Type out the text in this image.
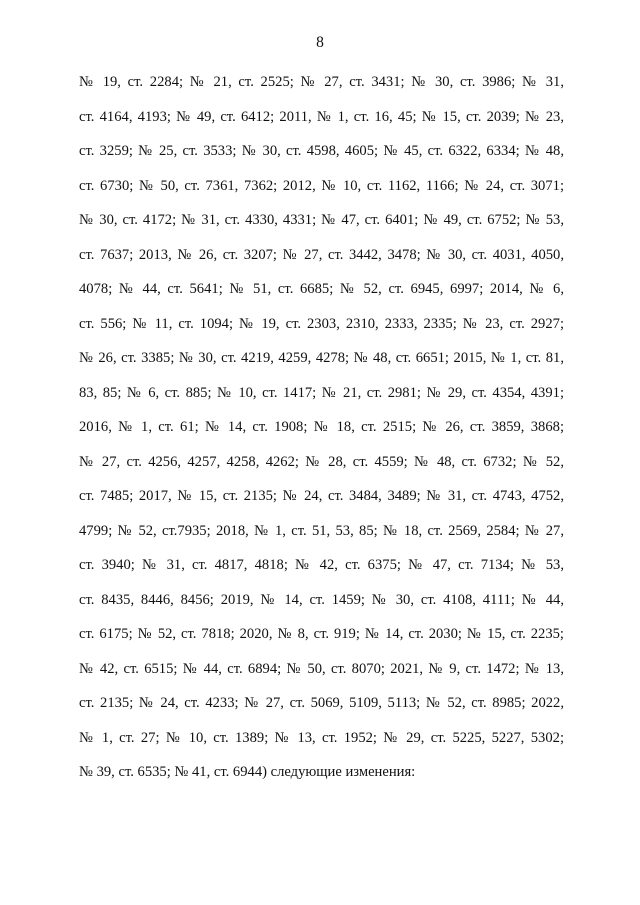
8
№ 19, ст. 2284; № 21, ст. 2525; № 27, ст. 3431; № 30, ст. 3986; № 31,
ст. 4164, 4193; № 49, ст. 6412; 2011, № 1, ст. 16, 45; № 15, ст. 2039; № 23,
ст. 3259; № 25, ст. 3533; № 30, ст. 4598, 4605; № 45, ст. 6322, 6334; № 48,
ст. 6730; № 50, ст. 7361, 7362; 2012, № 10, ст. 1162, 1166; № 24, ст. 3071;
№ 30, ст. 4172; № 31, ст. 4330, 4331; № 47, ст. 6401; № 49, ст. 6752; № 53,
ст. 7637; 2013, № 26, ст. 3207; № 27, ст. 3442, 3478; № 30, ст. 4031, 4050,
4078; № 44, ст. 5641; № 51, ст. 6685; № 52, ст. 6945, 6997; 2014, № 6,
ст. 556; № 11, ст. 1094; № 19, ст. 2303, 2310, 2333, 2335; № 23, ст. 2927;
№ 26, ст. 3385; № 30, ст. 4219, 4259, 4278; № 48, ст. 6651; 2015, № 1, ст. 81,
83, 85; № 6, ст. 885; № 10, ст. 1417; № 21, ст. 2981; № 29, ст. 4354, 4391;
2016, № 1, ст. 61; № 14, ст. 1908; № 18, ст. 2515; № 26, ст. 3859, 3868;
№ 27, ст. 4256, 4257, 4258, 4262; № 28, ст. 4559; № 48, ст. 6732; № 52,
ст. 7485; 2017, № 15, ст. 2135; № 24, ст. 3484, 3489; № 31, ст. 4743, 4752,
4799; № 52, ст.7935; 2018, № 1, ст. 51, 53, 85; № 18, ст. 2569, 2584; № 27,
ст. 3940; № 31, ст. 4817, 4818; № 42, ст. 6375; № 47, ст. 7134; № 53,
ст. 8435, 8446, 8456; 2019, № 14, ст. 1459; № 30, ст. 4108, 4111; № 44,
ст. 6175; № 52, ст. 7818; 2020, № 8, ст. 919; № 14, ст. 2030; № 15, ст. 2235;
№ 42, ст. 6515; № 44, ст. 6894; № 50, ст. 8070; 2021, № 9, ст. 1472; № 13,
ст. 2135; № 24, ст. 4233; № 27, ст. 5069, 5109, 5113; № 52, ст. 8985; 2022,
№ 1, ст. 27; № 10, ст. 1389; № 13, ст. 1952; № 29, ст. 5225, 5227, 5302;
№ 39, ст. 6535; № 41, ст. 6944) следующие изменения:
